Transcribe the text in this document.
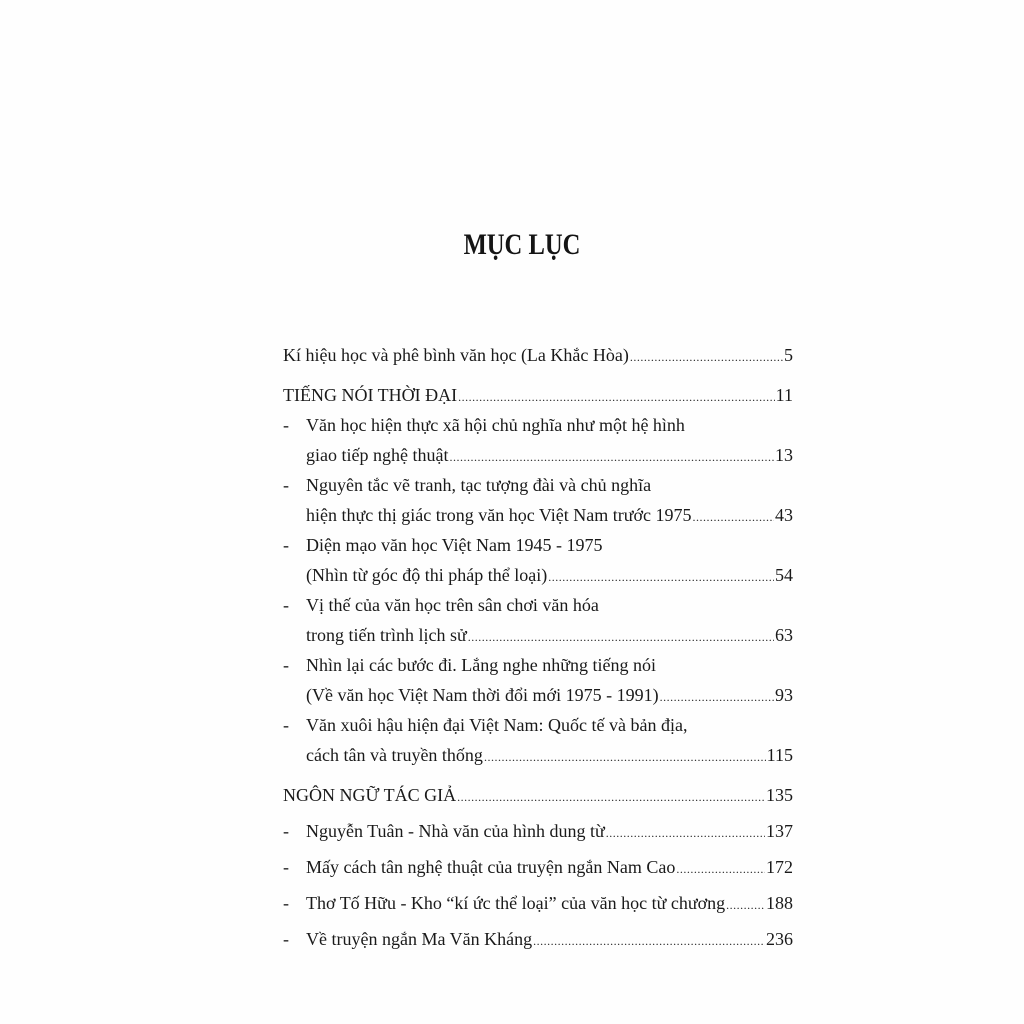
MỤC LỤC
Kí hiệu học và phê bình văn học (La Khắc Hòa) .....	5
TIẾNG NÓI THỜI ĐẠI .....	11
- Văn học hiện thực xã hội chủ nghĩa như một hệ hình
giao tiếp nghệ thuật .....	13
- Nguyên tắc vẽ tranh, tạc tượng đài và chủ nghĩa
hiện thực thị giác trong văn học Việt Nam trước 1975 .....	43
- Diện mạo văn học Việt Nam 1945 - 1975
(Nhìn từ góc độ thi pháp thể loại) .....	54
- Vị thế của văn học trên sân chơi văn hóa
trong tiến trình lịch sử .....	63
- Nhìn lại các bước đi. Lắng nghe những tiếng nói
(Về văn học Việt Nam thời đổi mới 1975 - 1991) .....	93
- Văn xuôi hậu hiện đại Việt Nam: Quốc tế và bản địa,
cách tân và truyền thống .....	115
NGÔN NGỮ TÁC GIẢ .....	135
- Nguyễn Tuân - Nhà văn của hình dung từ .....	137
- Mấy cách tân nghệ thuật của truyện ngắn Nam Cao .....	172
- Thơ Tố Hữu - Kho “kí ức thể loại” của văn học từ chương ..... 188
- Về truyện ngắn Ma Văn Kháng .....	236
